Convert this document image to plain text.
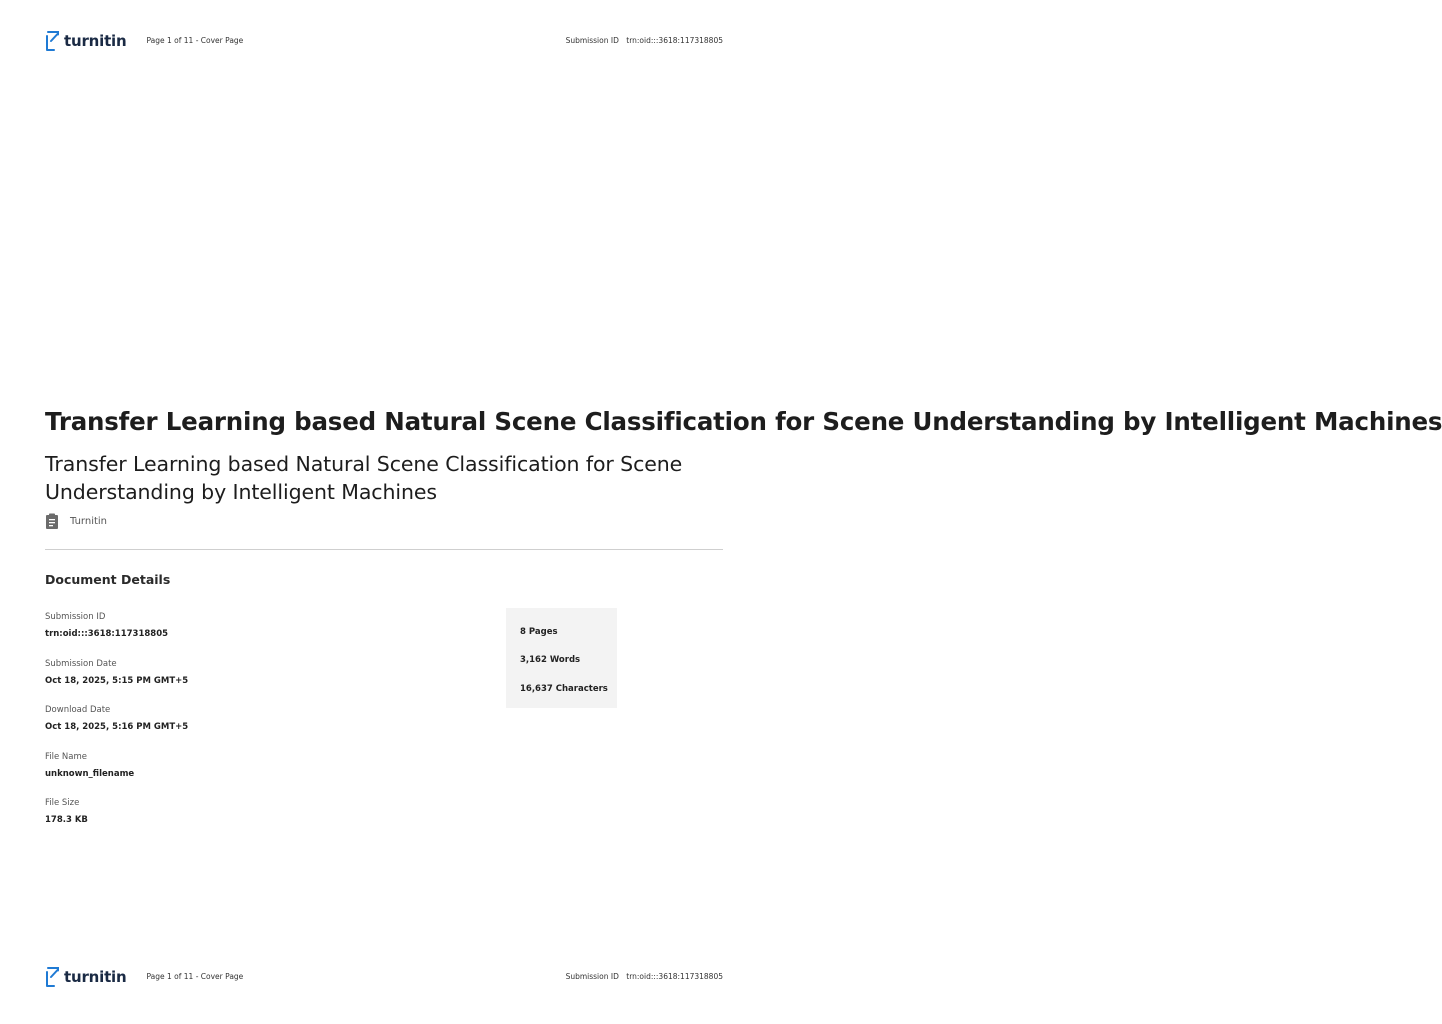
turnitin	Page 1 of 11 - Cover Page	Submission ID trn:oid:::3618:117318805
Transfer Learning based Natural Scene Classification for Scene Understanding by Intelligent Machines
Transfer Learning based Natural Scene Classification for Scene Understanding by Intelligent Machines
Turnitin
Document Details
Submission ID
trn:oid:::3618:117318805
Submission Date
Oct 18, 2025, 5:15 PM GMT+5
Download Date
Oct 18, 2025, 5:16 PM GMT+5
File Name
unknown_filename
File Size
178.3 KB
8 Pages
3,162 Words
16,637 Characters
turnitin	Page 1 of 11 - Cover Page	Submission ID trn:oid:::3618:117318805
